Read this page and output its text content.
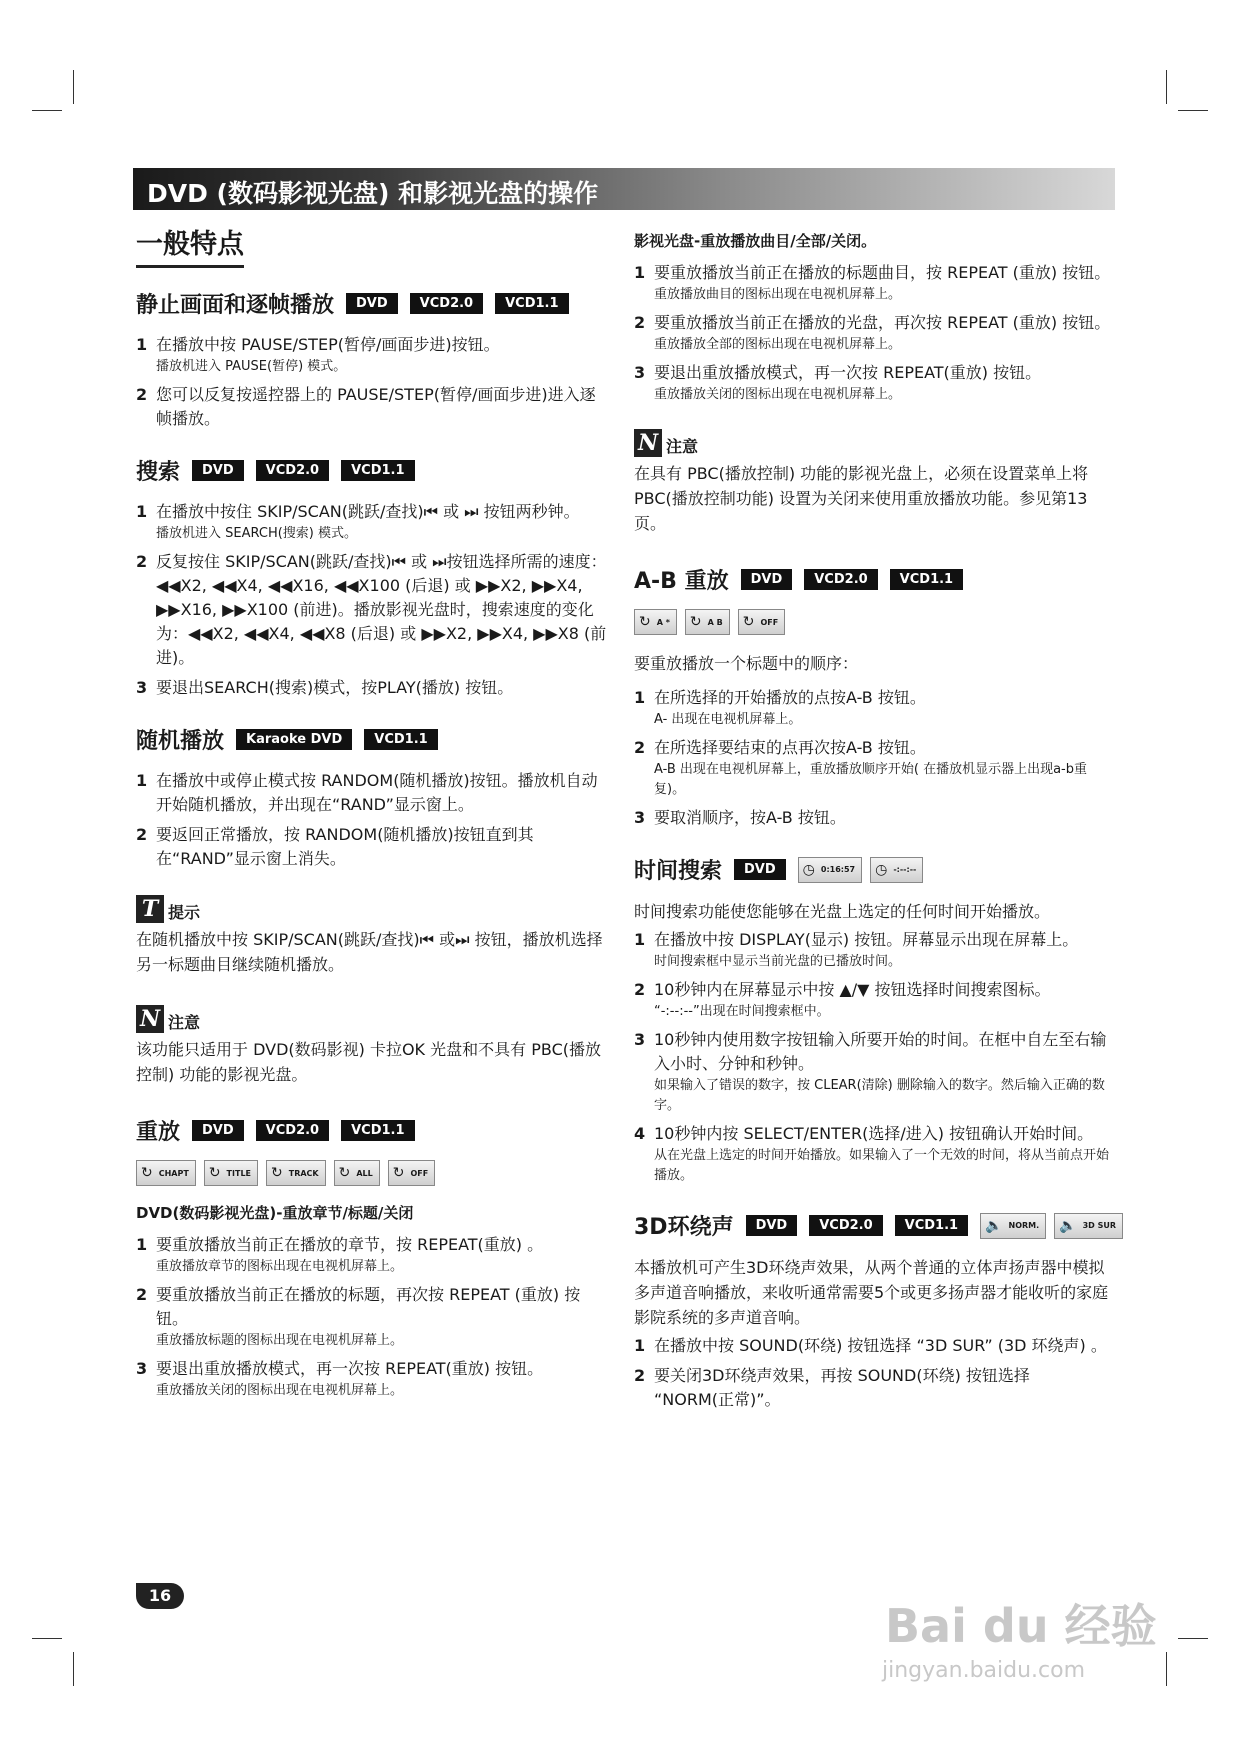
DVD (数码影视光盘) 和影视光盘的操作
一般特点
静止画面和逐帧播放	DVD	VCD2.0	VCD1.1
1 在播放中按 PAUSE/STEP(暂停/画面步进)按钮。
播放机进入 PAUSE(暂停) 模式。
2 您可以反复按遥控器上的 PAUSE/STEP(暂停/画面步进)进入逐帧播放。
搜索	DVD	VCD2.0	VCD1.1
1 在播放中按住 SKIP/SCAN(跳跃/查找)⏮ 或 ⏭ 按钮两秒钟。
播放机进入 SEARCH(搜索) 模式。
2 反复按住 SKIP/SCAN(跳跃/查找)⏮ 或 ⏭按钮选择所需的速度：◀◀X2, ◀◀X4, ◀◀X16, ◀◀X100 (后退) 或 ▶▶X2, ▶▶X4, ▶▶X16, ▶▶X100 (前进)。播放影视光盘时，搜索速度的变化为：◀◀X2, ◀◀X4, ◀◀X8 (后退) 或 ▶▶X2, ▶▶X4, ▶▶X8 (前进)。
3 要退出SEARCH(搜索)模式，按PLAY(播放) 按钮。
随机播放	Karaoke DVD	VCD1.1
1 在播放中或停止模式按 RANDOM(随机播放)按钮。播放机自动开始随机播放，并出现在“RAND”显示窗上。
2 要返回正常播放，按 RANDOM(随机播放)按钮直到其在“RAND”显示窗上消失。
T 提示
在随机播放中按 SKIP/SCAN(跳跃/查找)⏮ 或⏭ 按钮，播放机选择另一标题曲目继续随机播放。
N 注意
该功能只适用于 DVD(数码影视) 卡拉OK 光盘和不具有 PBC(播放控制) 功能的影视光盘。
重放	DVD	VCD2.0	VCD1.1
↻ CHAPT ↻ TITLE ↻ TRACK ↻ ALL ↻ OFF
DVD(数码影视光盘)-重放章节/标题/关闭
1 要重放播放当前正在播放的章节，按 REPEAT(重放) 。
重放播放章节的图标出现在电视机屏幕上。
2 要重放播放当前正在播放的标题，再次按 REPEAT (重放) 按钮。
重放播放标题的图标出现在电视机屏幕上。
3 要退出重放播放模式，再一次按 REPEAT(重放) 按钮。
重放播放关闭的图标出现在电视机屏幕上。
影视光盘-重放播放曲目/全部/关闭。
1 要重放播放当前正在播放的标题曲目，按 REPEAT (重放) 按钮。
重放播放曲目的图标出现在电视机屏幕上。
2 要重放播放当前正在播放的光盘，再次按 REPEAT (重放) 按钮。
重放播放全部的图标出现在电视机屏幕上。
3 要退出重放播放模式，再一次按 REPEAT(重放) 按钮。
重放播放关闭的图标出现在电视机屏幕上。
N 注意
在具有 PBC(播放控制) 功能的影视光盘上，必须在设置菜单上将 PBC(播放控制功能) 设置为关闭来使用重放播放功能。参见第13页。
A-B 重放	DVD	VCD2.0	VCD1.1
↻ A * ↻ A B ↻ OFF
要重放播放一个标题中的顺序：
1 在所选择的开始播放的点按A-B 按钮。
A- 出现在电视机屏幕上。
2 在所选择要结束的点再次按A-B 按钮。
A-B 出现在电视机屏幕上，重放播放顺序开始( 在播放机显示器上出现a-b重复)。
3 要取消顺序，按A-B 按钮。
时间搜索	DVD	◷ 0:16:57 ◷ -:--:--
时间搜索功能使您能够在光盘上选定的任何时间开始播放。
1 在播放中按 DISPLAY(显示) 按钮。屏幕显示出现在屏幕上。
时间搜索框中显示当前光盘的已播放时间。
2 10秒钟内在屏幕显示中按 ▲/▼ 按钮选择时间搜索图标。
“-:--:--”出现在时间搜索框中。
3 10秒钟内使用数字按钮输入所要开始的时间。在框中自左至右输入小时、分钟和秒钟。
如果输入了错误的数字，按 CLEAR(清除) 删除输入的数字。然后输入正确的数字。
4 10秒钟内按 SELECT/ENTER(选择/进入) 按钮确认开始时间。
从在光盘上选定的时间开始播放。如果输入了一个无效的时间，将从当前点开始播放。
3D环绕声	DVD	VCD2.0	VCD1.1	🔈 NORM. 🔈 3D SUR
本播放机可产生3D环绕声效果，从两个普通的立体声扬声器中模拟多声道音响播放，来收听通常需要5个或更多扬声器才能收听的家庭影院系统的多声道音响。
1 在播放中按 SOUND(环绕) 按钮选择 “3D SUR” (3D 环绕声) 。
2 要关闭3D环绕声效果，再按 SOUND(环绕) 按钮选择 “NORM(正常)”。
16
Bai du 经验
jingyan.baidu.com
